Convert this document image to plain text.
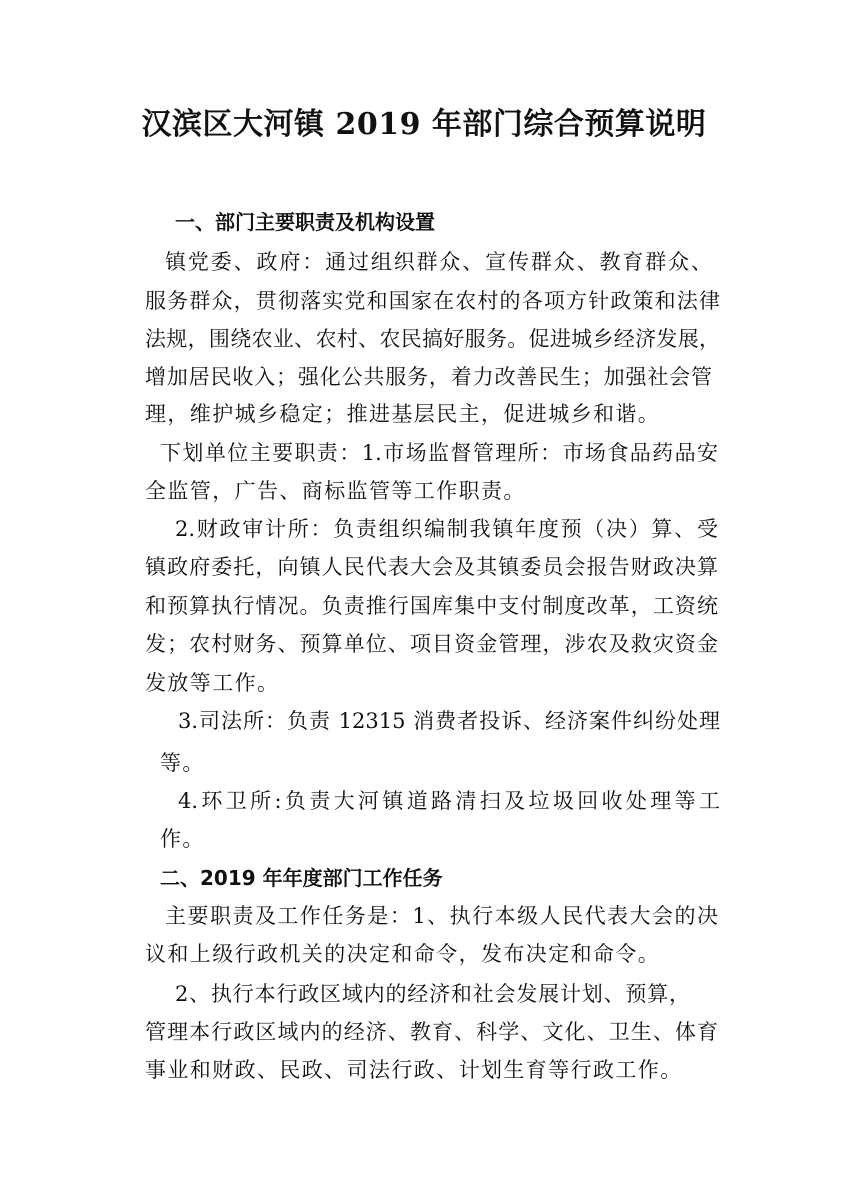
汉滨区大河镇 2019 年部门综合预算说明
一、部门主要职责及机构设置
镇党委、政府：通过组织群众、宣传群众、教育群众、
服务群众，贯彻落实党和国家在农村的各项方针政策和法律
法规，围绕农业、农村、农民搞好服务。促进城乡经济发展，
增加居民收入；强化公共服务，着力改善民生；加强社会管
理，维护城乡稳定；推进基层民主，促进城乡和谐。
下划单位主要职责：1.市场监督管理所：市场食品药品安
全监管，广告、商标监管等工作职责。
2.财政审计所：负责组织编制我镇年度预（决）算、受
镇政府委托，向镇人民代表大会及其镇委员会报告财政决算
和预算执行情况。负责推行国库集中支付制度改革，工资统
发；农村财务、预算单位、项目资金管理，涉农及救灾资金
发放等工作。
3.司法所：负责 12315 消费者投诉、经济案件纠纷处理
等。
4.环卫所:负责大河镇道路清扫及垃圾回收处理等工
作。
二、2019 年年度部门工作任务
主要职责及工作任务是：1、执行本级人民代表大会的决
议和上级行政机关的决定和命令，发布决定和命令。
2、执行本行政区域内的经济和社会发展计划、预算，
管理本行政区域内的经济、教育、科学、文化、卫生、体育
事业和财政、民政、司法行政、计划生育等行政工作。
